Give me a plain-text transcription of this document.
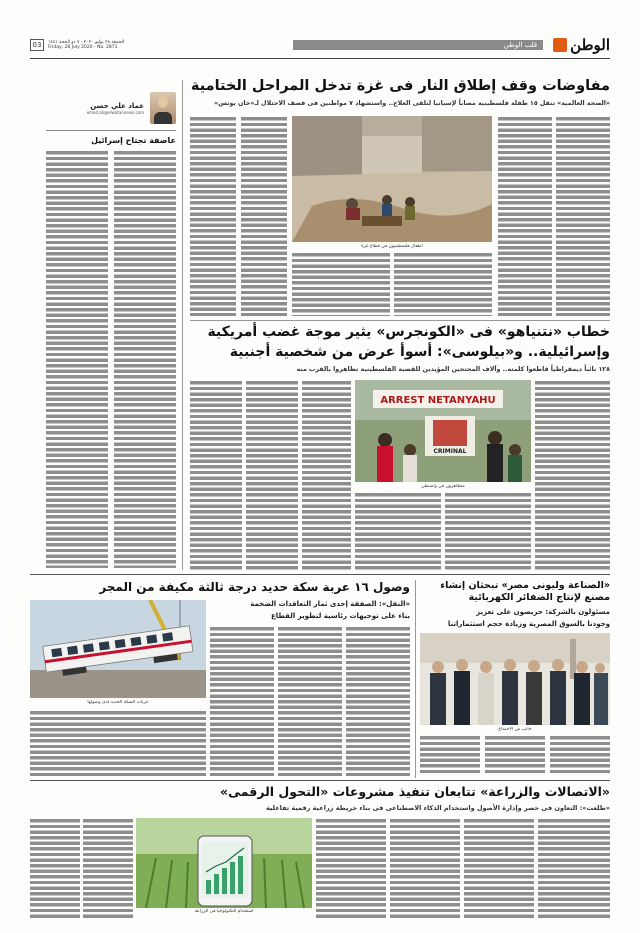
الوطن
قلب الوطن
03	الجمعة ٢٨ يوليو ٢٠٢٠ - ٧ ذو الحجة ١٤٤١
Friday, 28 July 2020 - No. 2871
عماد علي حسن
emad.ali@elwatannews.com
عاصفة تجتاح إسرائيل
مفاوضات وقف إطلاق النار فى غزة تدخل المراحل الختامية
«الصحة العالمية» تنقل ١٥ طفلة فلسطينية مصاباً لإسبانيا لتلقى العلاج.. واستشهاد ٧ مواطنين فى قصف الاحتلال لـ«خان يونس»
أطفال فلسطينيون في قطاع غزة
خطاب «نتنياهو» فى «الكونجرس» يثير موجة غضب أمريكية
وإسرائيلية.. و«بيلوسى»: أسوأ عرض من شخصية أجنبية
١٢٨ نائباً ديمقراطياً قاطعوا كلمته.. وآلاف المحتجين المؤيدين للقضية الفلسطينية تظاهروا بالقرب منه
ARREST NETANYAHU
CRIMINAL
متظاهرون في واشنطن
«الصناعة وليونى مصر» تبحثان إنشاء مصنع لإنتاج الضفائر الكهربائية
مسئولون بالشركة: حريصون على تعزيز
وجودنا بالسوق المصرية وزيادة حجم استثماراتنا
جانب من الاجتماع
وصول ١٦ عربة سكة حديد درجة ثالثة مكيفة من المجر
«النقل»: الصفقة إحدى ثمار التعاقدات الضخمة
بناء على توجيهات رئاسية لتطوير القطاع
عربات السكة الحديد لدى وصولها
«الاتصالات والزراعة» تتابعان تنفيذ مشروعات «التحول الرقمى»
«طلعت»: التعاون فى حصر وإدارة الأصول واستخدام الذكاء الاصطناعى فى بناء خريطة زراعية رقمية تفاعلية
استخدام التكنولوجيا فى الزراعة
